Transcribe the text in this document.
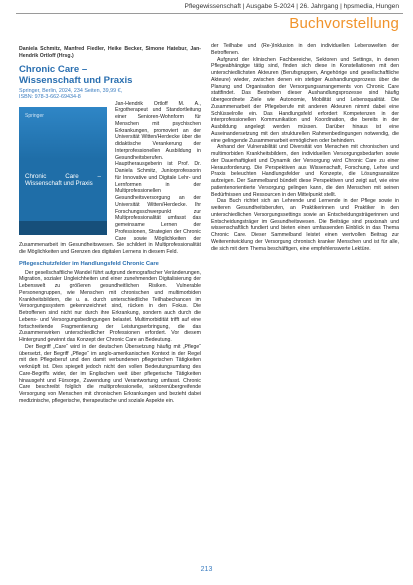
Pflegewissenschaft | Ausgabe 5-2024 | 26. Jahrgang | hpsmedia, Hungen
Buchvorstellung
Daniela Schmitz, Manfred Fiedler, Heike Becker, Simone Hatebur, Jan-Hendrik Ortloff (Hrsg.)
Chronic Care –
Wissenschaft und Praxis
Springer, Berlin, 2024, 234 Seiten, 39,99 €,
ISBN: 978-3-662-69434-8
Springer
Chronic Care – Wissenschaft und Praxis

Jan-Hendrik Ortloff M. A., Ergotherapeut und Standortleitung einer Senioren-Wohnform für Menschen mit psychischen Erkrankungen, promoviert an der Universität Witten/Herdecke über die didaktische Verankerung der Interprofessionellen Ausbildung in Gesundheitsberufen. Hauptherausgeberin ist Prof. Dr. Daniela Schmitz, Juniorprofessorin für Innovative und Digitale Lehr- und Lernformen in der Multiprofessionellen Gesundheitsversorgung an der Universität Witten/Herdecke. Ihr Forschungsschwerpunkt zur Multiprofessionalität umfasst das gemeinsame Lernen der Professionen, Strategien der Chronic Care sowie Möglichkeiten der Zusammenarbeit im Gesundheitswesen. Sie schildert in Multiprofessionalität die Möglichkeiten und Grenzen des digitalen Lernens in diesem Feld.

Pflegeschutzfelder im Handlungsfeld Chronic Care

Der gesellschaftliche Wandel führt aufgrund demografischer Veränderungen, Migration, sozialer Ungleichheiten und einer zunehmenden Digitalisierung der Lebenswelt zu größeren gesundheitlichen Risiken. Vulnerable Personengruppen, wie Menschen mit chronischen und multimorbiden Krankheitsbildern, die u. a. durch unterschiedliche Teilhabechancen im Versorgungssystem gekennzeichnet sind, rücken in den Fokus. Die Betroffenen sind nicht nur durch ihre Erkrankung, sondern auch durch die Lebens- und Versorgungsbedingungen belastet. Multimorbidität trifft auf eine fortschreitende Fragmentierung der Leistungserbringung, die das Zusammenwirken unterschiedlicher Professionen erfordert. Vor diesem Hintergrund gewinnt das Konzept der Chronic Care an Bedeutung.

Der Begriff „Care“ wird in der deutschen Übersetzung häufig mit „Pflege“ übersetzt, der Begriff „Pflege“ im anglo-amerikanischen Kontext in der Regel mit den Pflegeberuf und den damit verbundenen pflegerischen Tätigkeiten verknüpft ist. Dies spiegelt jedoch nicht den vollen Bedeutungsumfang des Care-Begriffs wider, der im Englischen weit über pflegerische Tätigkeiten hinausgeht und Fürsorge, Zuwendung und Verantwortung umfasst. Chronic Care beschreibt folglich die multiprofessionelle, sektorenübergreifende Versorgung von Menschen mit chronischen Erkrankungen und bezieht dabei medizinische, pflegerische, therapeutische und soziale Aspekte ein.

der Teilhabe und (Re-)Inklusion in den individuellen Lebenswelten der Betroffenen.

Aufgrund der klinischen Fachbereiche, Sektoren und Settings, in denen Pflegeabhängige tätig sind, finden sich diese in Konstellationen mit den unterschiedlichsten Akteuren (Berufsgruppen, Angehörige und gesellschaftliche Akteure) wieder, zwischen denen ein stetiger Aushandlungsprozess über die Planung und Organisation der Versorgungsarrangements von Chronic Care stattfindet. Das Bestreben dieser Aushandlungsprozesse sind häufig übergeordnete Ziele wie Autonomie, Mobilität und Lebensqualität. Die Zusammenarbeit der Pflegeberufe mit anderen Akteuren nimmt dabei eine Schlüsselrolle ein. Das Handlungsfeld erfordert Kompetenzen in der interprofessionellen Kommunikation und Koordination, die bereits in der Ausbildung angelegt werden müssen. Darüber hinaus ist eine Auseinandersetzung mit den strukturellen Rahmenbedingungen notwendig, die eine gelingende Zusammenarbeit ermöglichen oder behindern.

Anhand der Vulnerabilität und Diversität von Menschen mit chronischen und multimorbiden Krankheitsbildern, den individuellen Versorgungsbedarfen sowie der Dauerhaftigkeit und Dynamik der Versorgung wird Chronic Care zu einer Herausforderung. Die Perspektiven aus Wissenschaft, Forschung, Lehre und Praxis beleuchten Handlungsfelder und Konzepte, die Lösungsansätze aufzeigen. Der Sammelband bündelt diese Perspektiven und zeigt auf, wie eine patientenorientierte Versorgung gelingen kann, die den Menschen mit seinen Bedürfnissen und Ressourcen in den Mittelpunkt stellt.

Das Buch richtet sich an Lehrende und Lernende in der Pflege sowie in weiteren Gesundheitsberufen, an Praktikerinnen und Praktiker in den unterschiedlichen Versorgungssettings sowie an Entscheidungsträgerinnen und Entscheidungsträger im Gesundheitswesen. Die Beiträge sind praxisnah und wissenschaftlich fundiert und bieten einen umfassenden Einblick in das Thema Chronic Care. Dieser Sammelband leistet einen wertvollen Beitrag zur Weiterentwicklung der Versorgung chronisch kranker Menschen und ist für alle, die sich mit dem Thema beschäftigen, eine empfehlenswerte Lektüre.

213
